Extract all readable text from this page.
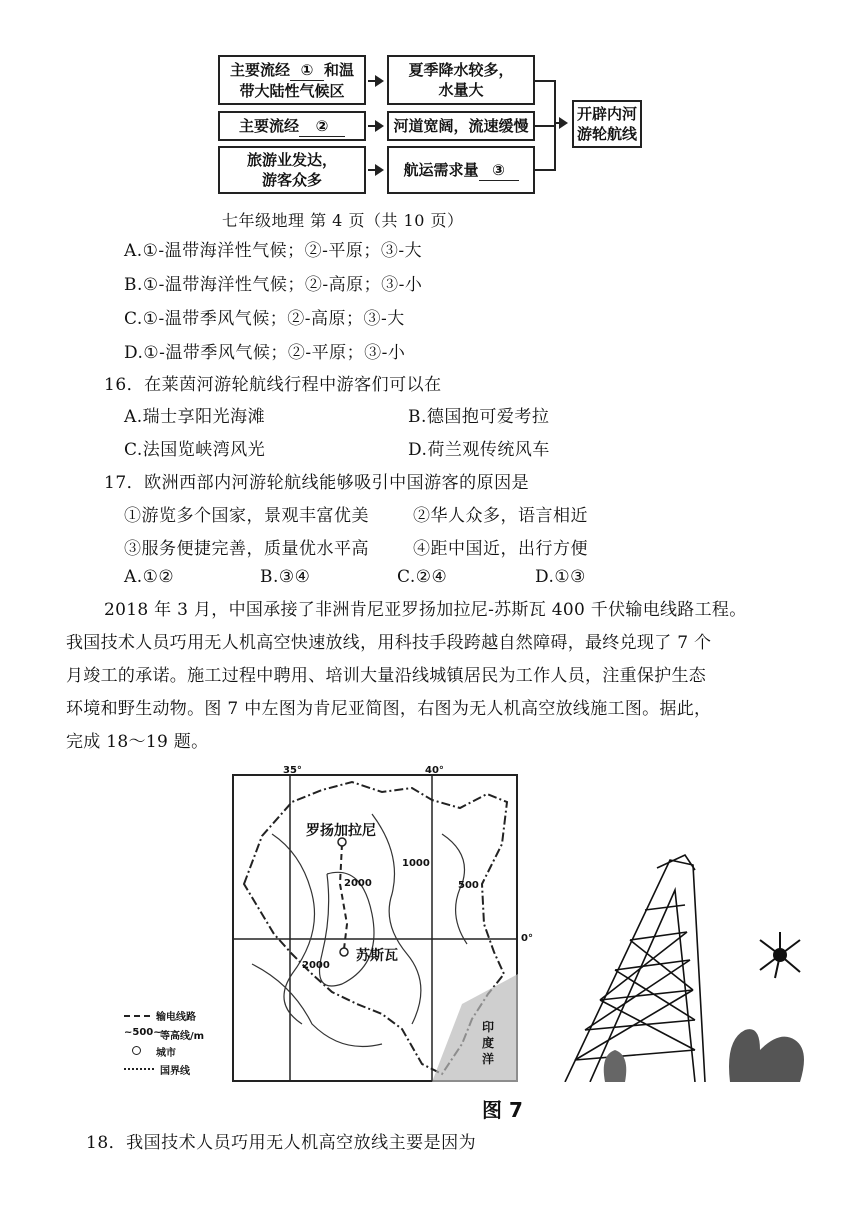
主要流经 ① 和温
带大陆性气候区
主要流经 ②
旅游业发达，
游客众多
夏季降水较多，
水量大
河道宽阔，流速缓慢
航运需求量 ③
开辟内河
游轮航线
七年级地理 第 4 页（共 10 页）
A.①-温带海洋性气候；②-平原；③-大
B.①-温带海洋性气候；②-高原；③-小
C.①-温带季风气候；②-高原；③-大
D.①-温带季风气候；②-平原；③-小
16．在莱茵河游轮航线行程中游客们可以在
A.瑞士享阳光海滩	B.德国抱可爱考拉
C.法国览峡湾风光	D.荷兰观传统风车
17．欧洲西部内河游轮航线能够吸引中国游客的原因是
①游览多个国家，景观丰富优美	②华人众多，语言相近
③服务便捷完善，质量优水平高	④距中国近，出行方便
A.①②	B.③④	C.②④	D.①③
2018 年 3 月，中国承接了非洲肯尼亚罗扬加拉尼-苏斯瓦 400 千伏输电线路工程。
我国技术人员巧用无人机高空快速放线，用科技手段跨越自然障碍，最终兑现了 7 个
月竣工的承诺。施工过程中聘用、培训大量沿线城镇居民为工作人员，注重保护生态
环境和野生动物。图 7 中左图为肯尼亚简图，右图为无人机高空放线施工图。据此，
完成 18～19 题。
35°	40°
0°
罗扬加拉尼
苏斯瓦
1000
2000	500
2000
印
度
洋
输电线路
~500~
等高线/m
城市
国界线
图 7
18．我国技术人员巧用无人机高空放线主要是因为
